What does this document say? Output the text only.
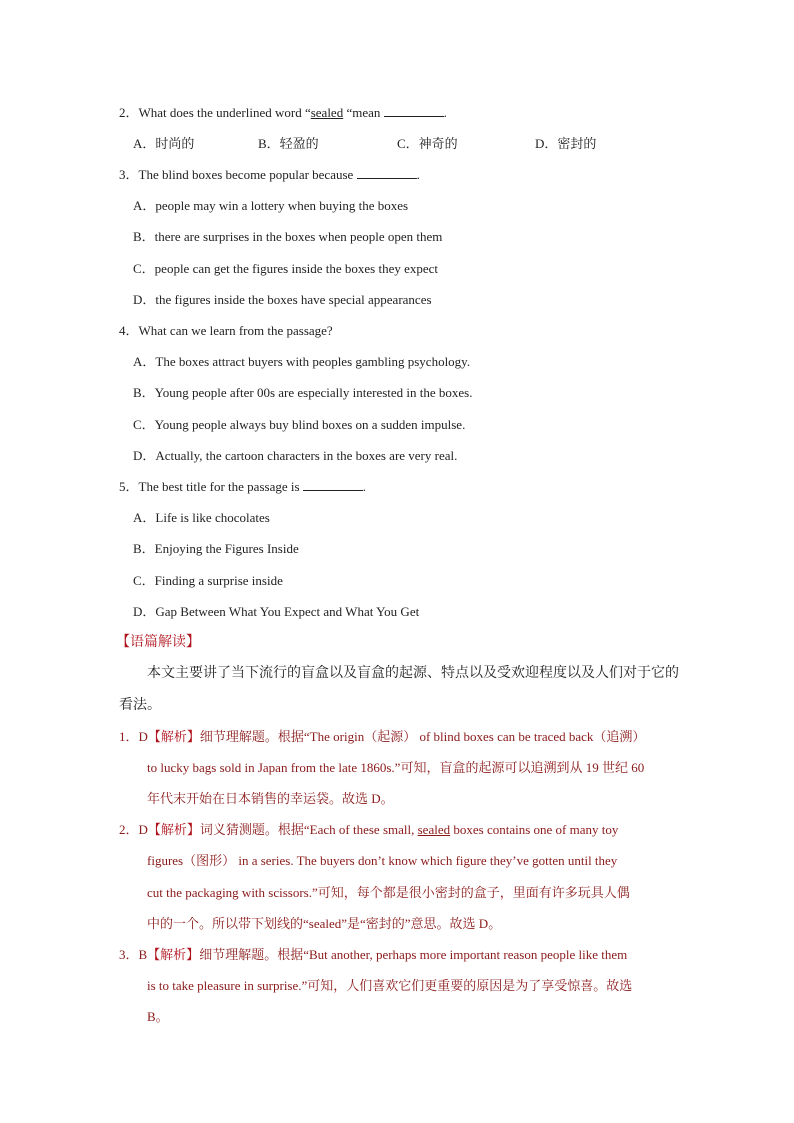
2．What does the underlined word “sealed “mean	.
A．时尚的	B．轻盈的	C．神奇的	D．密封的
3．The blind boxes become popular because	.
A．people may win a lottery when buying the boxes
B．there are surprises in the boxes when people open them
C．people can get the figures inside the boxes they expect
D．the figures inside the boxes have special appearances
4．What can we learn from the passage?
A．The boxes attract buyers with peoples gambling psychology.
B．Young people after 00s are especially interested in the boxes.
C．Young people always buy blind boxes on a sudden impulse.
D．Actually, the cartoon characters in the boxes are very real.
5．The best title for the passage is	.
A．Life is like chocolates
B．Enjoying the Figures Inside
C．Finding a surprise inside
D．Gap Between What You Expect and What You Get
【语篇解读】
本文主要讲了当下流行的盲盒以及盲盒的起源、特点以及受欢迎程度以及人们对于它的
看法。
1．D【解析】细节理解题。根据“The origin（起源） of blind boxes can be traced back（追溯）
to lucky bags sold in Japan from the late 1860s.”可知，盲盒的起源可以追溯到从 19 世纪 60
年代末开始在日本销售的幸运袋。故选 D。
2．D【解析】词义猜测题。根据“Each of these small, sealed boxes contains one of many toy
figures（图形） in a series. The buyers don’t know which figure they’ve gotten until they
cut the packaging with scissors.”可知，每个都是很小密封的盒子，里面有许多玩具人偶
中的一个。所以带下划线的“sealed”是“密封的”意思。故选 D。
3．B【解析】细节理解题。根据“But another, perhaps more important reason people like them
is to take pleasure in surprise.”可知，人们喜欢它们更重要的原因是为了享受惊喜。故选
B。
